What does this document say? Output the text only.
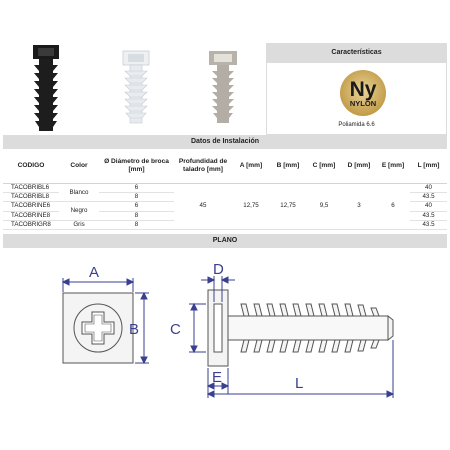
Características
Ny
NYLON
Poliamida 6.6
Datos de Instalación
CODIGO	Color	Ø Diámetro de broca [mm]	Profundidad de taladro [mm]	A [mm]	B [mm]	C [mm]	D [mm]	E [mm]	L [mm]
TACOBRIBL6	Blanco	6	45	12,75	12,75	9,5	3	6	40
TACOBRIBL8		8							43.5
TACOBRINE6	Negro	6							40
TACOBRINE8		8							43.5
TACOBRIGR8	Gris	8							43.5
PLANO
A
B
D
C
E	L
